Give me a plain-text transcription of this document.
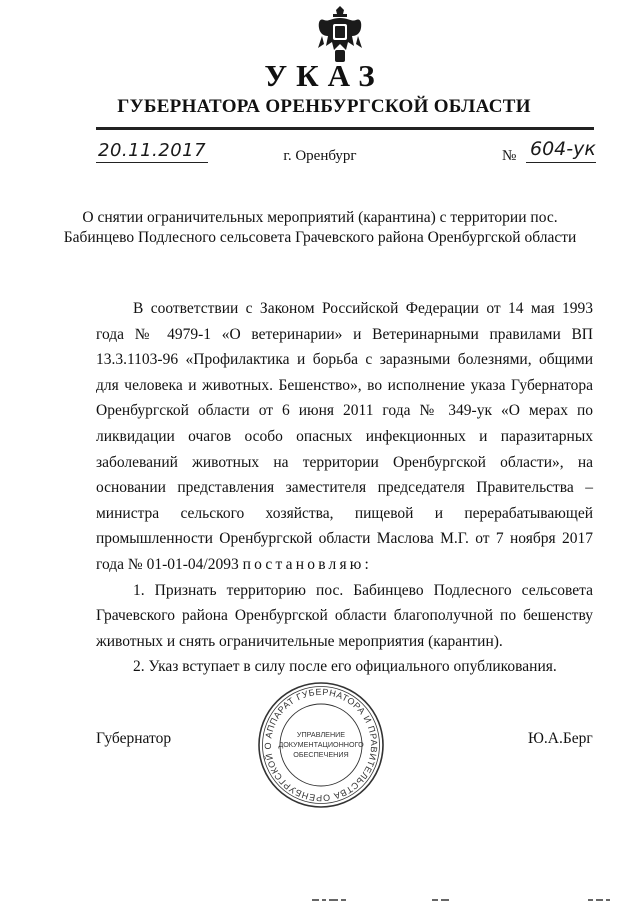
УКАЗ
ГУБЕРНАТОРА ОРЕНБУРГСКОЙ ОБЛАСТИ
20.11.2017	г. Оренбург	№ 604-ук
О снятии ограничительных мероприятий (карантина) с территории пос. Бабинцево Подлесного сельсовета Грачевского района Оренбургской области

В соответствии с Законом Российской Федерации от 14 мая 1993 года № 4979-1 «О ветеринарии» и Ветеринарными правилами ВП 13.3.1103-96 «Профилактика и борьба с заразными болезнями, общими для человека и животных. Бешенство», во исполнение указа Губернатора Оренбургской области от 6 июня 2011 года № 349-ук «О мерах по ликвидации очагов особо опасных инфекционных и паразитарных заболеваний животных на территории Оренбургской области», на основании представления заместителя председателя Правительства – министра сельского хозяйства, пищевой и перерабатывающей промышленности Оренбургской области Маслова М.Г. от 7 ноября 2017 года № 01-01-04/2093 постановляю:

1. Признать территорию пос. Бабинцево Подлесного сельсовета Грачевского района Оренбургской области благополучной по бешенству животных и снять ограничительные мероприятия (карантин).

2. Указ вступает в силу после его официального опубликования.

Губернатор	Ю.А.Берг
АППАРАТ ГУБЕРНАТОРА И ПРАВИТЕЛЬСТВА ОРЕНБУРГСКОЙ О
УПРАВЛЕНИЕ
ДОКУМЕНТАЦИОННОГО
ОБЕСПЕЧЕНИЯ
